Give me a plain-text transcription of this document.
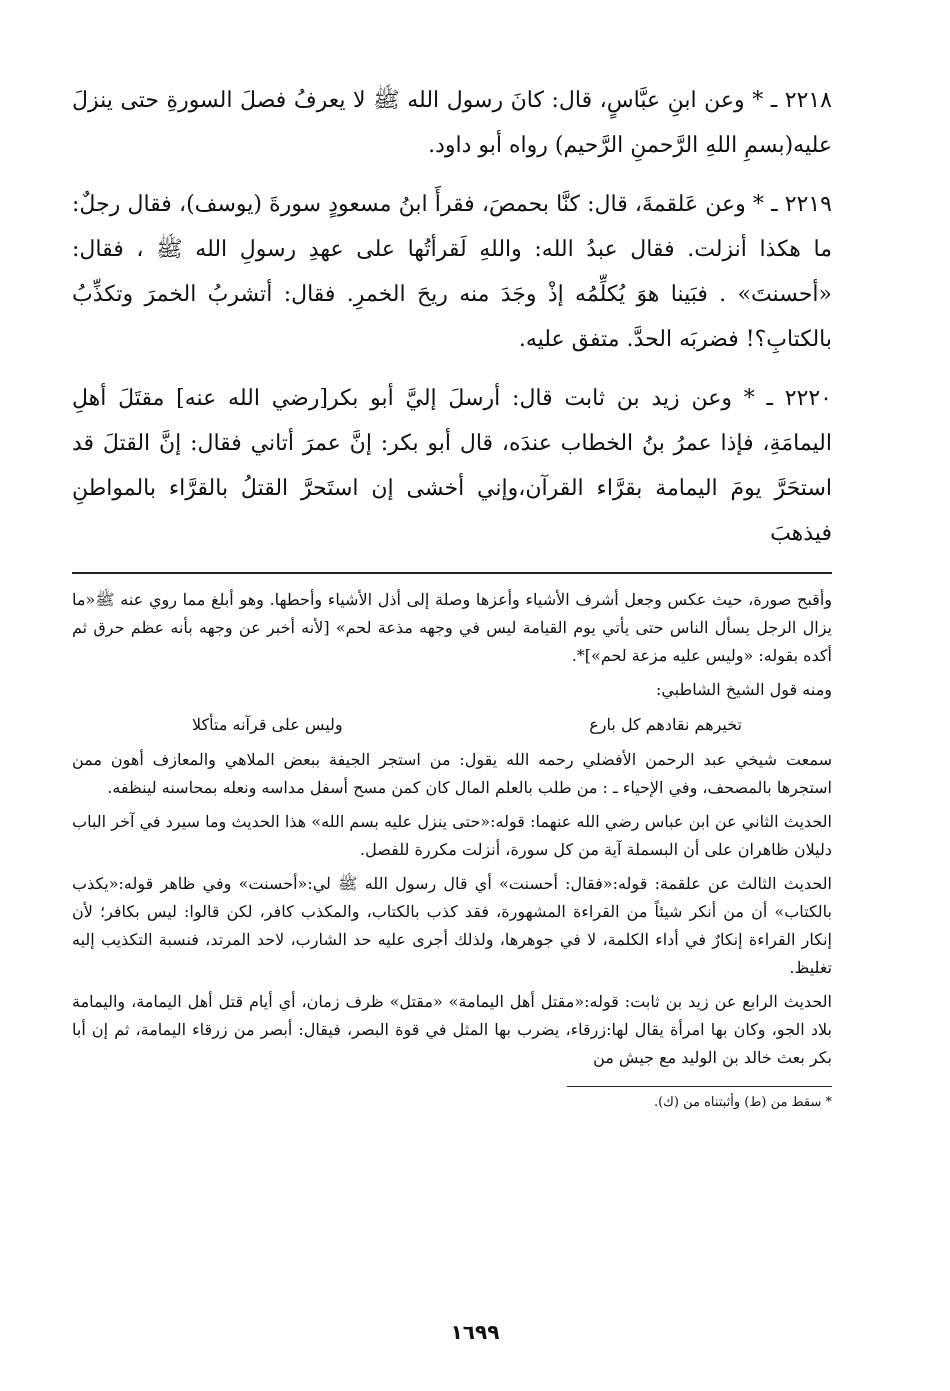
٢٢١٨ ـ * وعن ابنِ عبَّاسٍ، قال: كانَ رسول الله ﷺ لا يعرفُ فصلَ السورةِ حتى ينزلَ عليه(بسمِ اللهِ الرَّحمنِ الرَّحيم) رواه أبو داود.

٢٢١٩ ـ * وعن عَلقمةَ، قال: كنَّا بحمصَ، فقرأَ ابنُ مسعودٍ سورةَ (يوسف)، فقال رجلٌ: ما هكذا أنزلت. فقال عبدُ الله: واللهِ لَقرأتُها على عهدِ رسولِ الله ﷺ ، فقال: «أحسنتَ» . فبَينا هوَ يُكلِّمُه إذْ وجَدَ منه ريحَ الخمرِ. فقال: أتشربُ الخمرَ وتكذِّبُ بالكتابِ؟! فضربَه الحدَّ. متفق عليه.

٢٢٢٠ ـ * وعن زيد بن ثابت قال: أرسلَ إليَّ أبو بكر[رضي الله عنه] مقتَلَ أهلِ اليمامَةِ، فإذا عمرُ بنُ الخطاب عندَه، قال أبو بكر: إنَّ عمرَ أتاني فقال: إنَّ القتلَ قد استحَرَّ يومَ اليمامة بقرَّاء القرآن،وإني أخشى إن استَحرَّ القتلُ بالقرَّاء بالمواطنِ فيذهبَ

وأقبح صورة، حيث عكس وجعل أشرف الأشياء وأعزها وصلة إلى أذل الأشياء وأحطها. وهو أبلغ مما روي عنه ﷺ«ما يزال الرجل يسأل الناس حتى يأتي يوم القيامة ليس في وجهه مذعة لحم» [لأنه أخبر عن وجهه بأنه عظم حرق ثم أكده بقوله: «وليس عليه مزعة لحم»]*.

ومنه قول الشيخ الشاطبي:

تخيرهم نقادهم كل بارع
وليس على قرآنه متأكلا

سمعت شيخي عبد الرحمن الأفضلي رحمه الله يقول: من استجر الجيفة ببعض الملاهي والمعازف أهون ممن استجرها بالمصحف، وفي الإحياء ـ : من طلب بالعلم المال كان كمن مسح أسفل مداسه ونعله بمحاسنه لينظفه.

الحديث الثاني عن ابن عباس رضي الله عنهما: قوله:«حتى ينزل عليه بسم الله» هذا الحديث وما سيرد في آخر الباب دليلان ظاهران على أن البسملة آية من كل سورة، أنزلت مكررة للفصل.

الحديث الثالث عن علقمة: قوله:«فقال: أحسنت» أي قال رسول الله ﷺ لي:«أحسنت» وفي ظاهر قوله:«يكذب بالكتاب» أن من أنكر شيئاً من القراءة المشهورة، فقد كذب بالكتاب، والمكذب كافر، لكن قالوا: ليس بكافر؛ لأن إنكار القراءة إنكارٌ في أداء الكلمة، لا في جوهرها، ولذلك أجرى عليه حد الشارب، لاحد المرتد، فنسبة التكذيب إليه تغليظ.

الحديث الرابع عن زيد بن ثابت: قوله:«مقتل أهل اليمامة» «مقتل» ظرف زمان، أي أيام قتل أهل اليمامة، واليمامة بلاد الجو، وكان بها امرأة يقال لها:زرقاء، يضرب بها المثل في قوة البصر، فيقال: أبصر من زرقاء اليمامة، ثم إن أبا بكر بعث خالد بن الوليد مع جيش من

* سقط من (ط) وأثبتناه من (ك).

١٦٩٩
